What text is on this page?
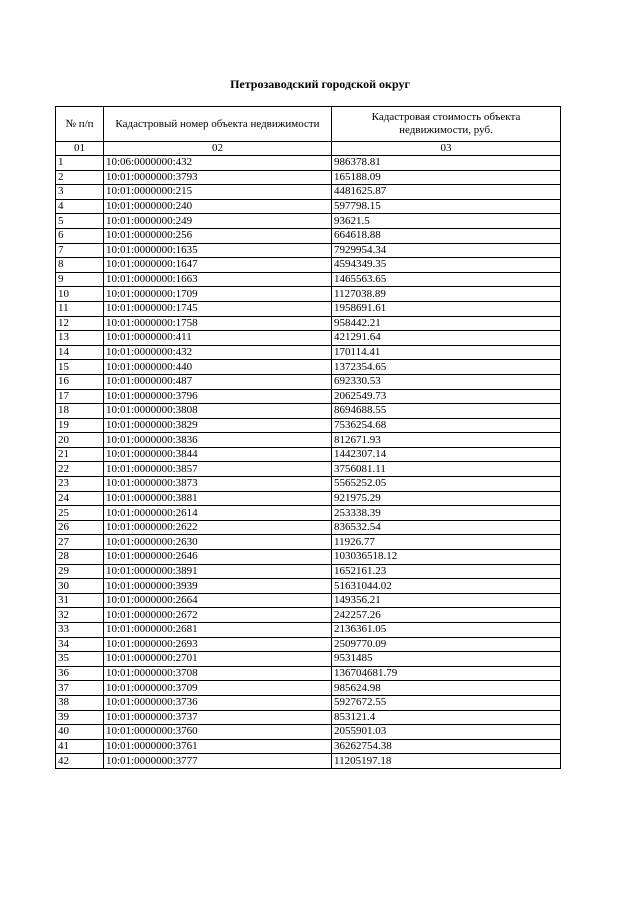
Петрозаводский городской округ
№ п/п	Кадастровый номер объекта недвижимости	Кадастровая стоимость объекта недвижимости, руб.
01	02	03
1	10:06:0000000:432	986378.81
2	10:01:0000000:3793	165188.09
3	10:01:0000000:215	4481625.87
4	10:01:0000000:240	597798.15
5	10:01:0000000:249	93621.5
6	10:01:0000000:256	664618.88
7	10:01:0000000:1635	7929954.34
8	10:01:0000000:1647	4594349.35
9	10:01:0000000:1663	1465563.65
10	10:01:0000000:1709	1127038.89
11	10:01:0000000:1745	1958691.61
12	10:01:0000000:1758	958442.21
13	10:01:0000000:411	421291.64
14	10:01:0000000:432	170114.41
15	10:01:0000000:440	1372354.65
16	10:01:0000000:487	692330.53
17	10:01:0000000:3796	2062549.73
18	10:01:0000000:3808	8694688.55
19	10:01:0000000:3829	7536254.68
20	10:01:0000000:3836	812671.93
21	10:01:0000000:3844	1442307.14
22	10:01:0000000:3857	3756081.11
23	10:01:0000000:3873	5565252.05
24	10:01:0000000:3881	921975.29
25	10:01:0000000:2614	253338.39
26	10:01:0000000:2622	836532.54
27	10:01:0000000:2630	11926.77
28	10:01:0000000:2646	103036518.12
29	10:01:0000000:3891	1652161.23
30	10:01:0000000:3939	51631044.02
31	10:01:0000000:2664	149356.21
32	10:01:0000000:2672	242257.26
33	10:01:0000000:2681	2136361.05
34	10:01:0000000:2693	2509770.09
35	10:01:0000000:2701	9531485
36	10:01:0000000:3708	136704681.79
37	10:01:0000000:3709	985624.98
38	10:01:0000000:3736	5927672.55
39	10:01:0000000:3737	853121.4
40	10:01:0000000:3760	2055901.03
41	10:01:0000000:3761	36262754.38
42	10:01:0000000:3777	11205197.18
